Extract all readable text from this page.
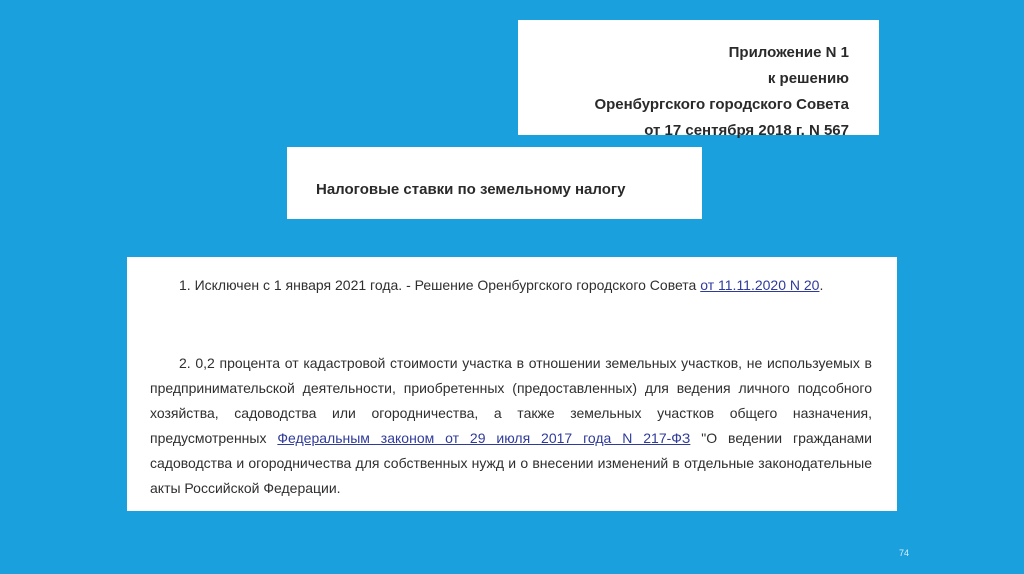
Приложение N 1
к решению
Оренбургского городского Совета
от 17 сентября 2018 г. N 567
Налоговые ставки по земельному налогу
1. Исключен с 1 января 2021 года. - Решение Оренбургского городского Совета от 11.11.2020 N 20.
2. 0,2 процента от кадастровой стоимости участка в отношении земельных участков, не используемых в предпринимательской деятельности, приобретенных (предоставленных) для ведения личного подсобного хозяйства, садоводства или огородничества, а также земельных участков общего назначения, предусмотренных Федеральным законом от 29 июля 2017 года N 217-ФЗ "О ведении гражданами садоводства и огородничества для собственных нужд и о внесении изменений в отдельные законодательные акты Российской Федерации.
74
